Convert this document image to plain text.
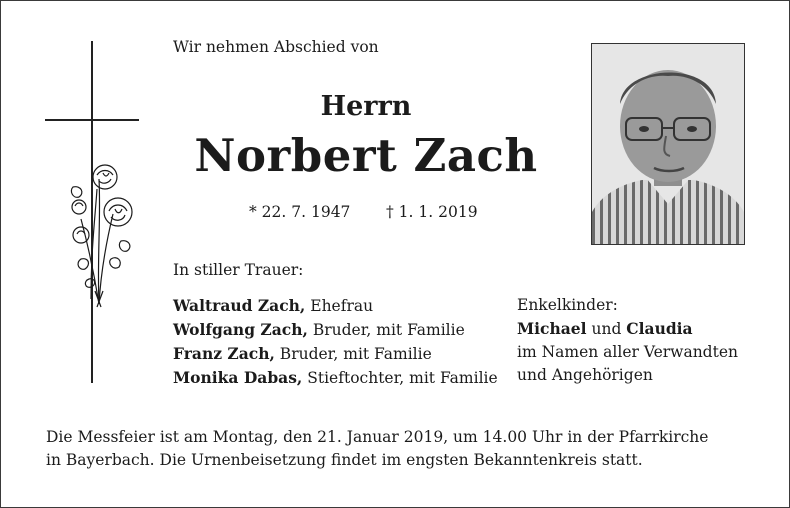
Wir nehmen Abschied von
Herrn
Norbert Zach
* 22. 7. 1947 † 1. 1. 2019
In stiller Trauer:
Waltraud Zach, Ehefrau
Wolfgang Zach, Bruder, mit Familie
Franz Zach, Bruder, mit Familie
Monika Dabas, Stieftochter, mit Familie
Enkelkinder:
Michael und Claudia
im Namen aller Verwandten
und Angehörigen
Die Messfeier ist am Montag, den 21. Januar 2019, um 14.00 Uhr in der Pfarrkirche
in Bayerbach. Die Urnenbeisetzung findet im engsten Bekanntenkreis statt.
